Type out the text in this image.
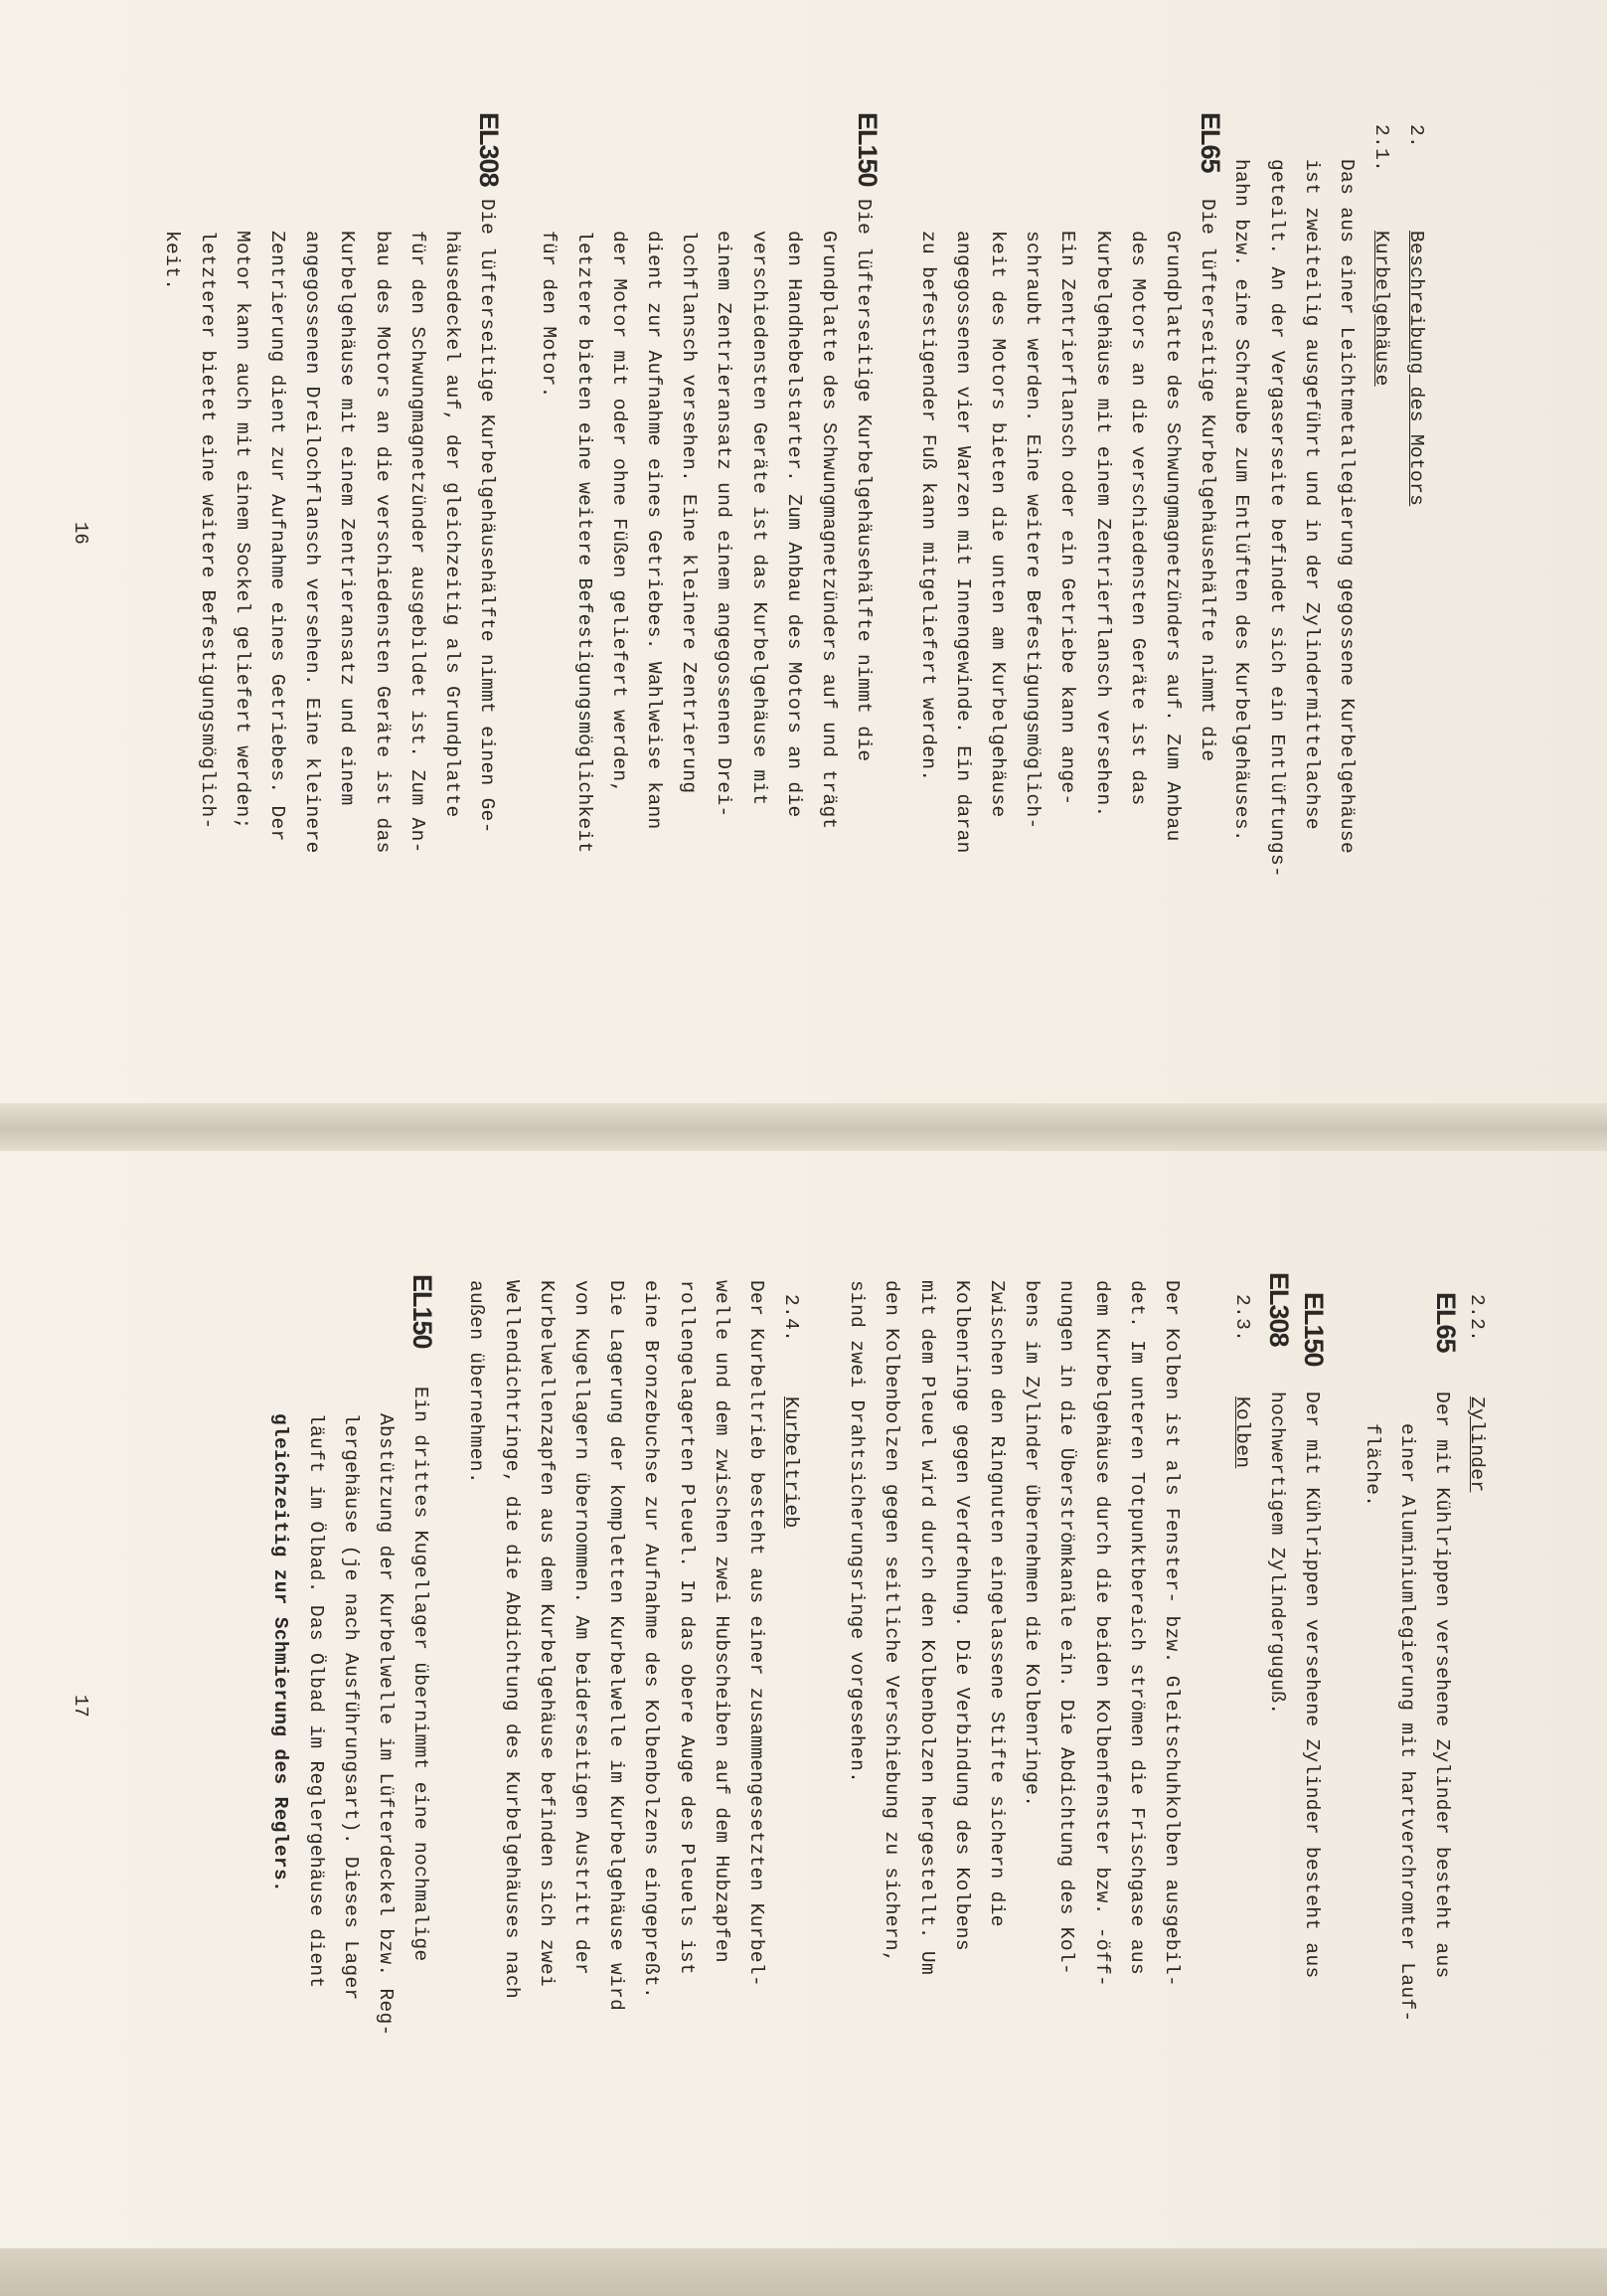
2.
Beschreibung des Motors
2.1.
Kurbelgehäuse
Das aus einer Leichtmetallegierung gegossene Kurbelgehäuse
ist zweiteilig ausgeführt und in der Zylindermittelachse
geteilt. An der Vergaserseite befindet sich ein Entlüftungs-
hahn bzw. eine Schraube zum Entlüften des Kurbelgehäuses.
EL65
Die lüfterseitige Kurbelgehäusehälfte nimmt die
Grundplatte des Schwungmagnetzünders auf. Zum Anbau
des Motors an die verschiedensten Geräte ist das
Kurbelgehäuse mit einem Zentrierflansch versehen.
Ein Zentrierflansch oder ein Getriebe kann ange-
schraubt werden. Eine weitere Befestigungsmöglich-
keit des Motors bieten die unten am Kurbelgehäuse
angegossenen vier Warzen mit Innengewinde. Ein daran
zu befestigender Fuß kann mitgeliefert werden.
EL150
Die lüfterseitige Kurbelgehäusehälfte nimmt die
Grundplatte des Schwungmagnetzünders auf und trägt
den Handhebelstarter. Zum Anbau des Motors an die
verschiedensten Geräte ist das Kurbelgehäuse mit
einem Zentrieransatz und einem angegossenen Drei-
lochflansch versehen. Eine kleinere Zentrierung
dient zur Aufnahme eines Getriebes. Wahlweise kann
der Motor mit oder ohne Füßen geliefert werden,
letztere bieten eine weitere Befestigungsmöglichkeit
für den Motor.
EL308
Die lüfterseitige Kurbelgehäusehälfte nimmt einen Ge-
häusedeckel auf, der gleichzeitig als Grundplatte
für den Schwungmagnetzünder ausgebildet ist. Zum An-
bau des Motors an die verschiedensten Geräte ist das
Kurbelgehäuse mit einem Zentrieransatz und einem
angegossenen Dreilochflansch versehen. Eine kleinere
Zentrierung dient zur Aufnahme eines Getriebes. Der
Motor kann auch mit einem Sockel geliefert werden;
letzterer bietet eine weitere Befestigungsmöglich-
keit.
16
2.2.
Zylinder
EL65
Der mit Kühlrippen versehene Zylinder besteht aus
einer Aluminiumlegierung mit hartverchromter Lauf-
fläche.
EL150
EL308
Der mit Kühlrippen versehene Zylinder besteht aus
hochwertigem Zylinderguguß.
2.3.
Kolben
Der Kolben ist als Fenster- bzw. Gleitschuhkolben ausgebil-
det. Im unteren Totpunktbereich strömen die Frischgase aus
dem Kurbelgehäuse durch die beiden Kolbenfenster bzw. -öff-
nungen in die Überströmkanäle ein. Die Abdichtung des Kol-
bens im Zylinder übernehmen die Kolbenringe.
Zwischen den Ringnuten eingelassene Stifte sichern die
Kolbenringe gegen Verdrehung. Die Verbindung des Kolbens
mit dem Pleuel wird durch den Kolbenbolzen hergestellt. Um
den Kolbenbolzen gegen seitliche Verschiebung zu sichern,
sind zwei Drahtsicherungsringe vorgesehen.
2.4.
Kurbeltrieb
Der Kurbeltrieb besteht aus einer zusammengesetzten Kurbel-
welle und dem zwischen zwei Hubscheiben auf dem Hubzapfen
rollengelagerten Pleuel. In das obere Auge des Pleuels ist
eine Bronzebuchse zur Aufnahme des Kolbenbolzens eingepreßt.
Die Lagerung der kompletten Kurbelwelle im Kurbelgehäuse wird
von Kugellagern übernommen. Am beiderseitigen Austritt der
Kurbelwellenzapfen aus dem Kurbelgehäuse befinden sich zwei
Wellendichtringe, die die Abdichtung des Kurbelgehäuses nach
außen übernehmen.
EL150
Ein drittes Kugellager übernimmt eine nochmalige
Abstützung der Kurbelwelle im Lüfterdeckel bzw. Reg-
lergehäuse (je nach Ausführungsart). Dieses Lager
läuft im Ölbad. Das Ölbad im Reglergehäuse dient
gleichzeitig zur Schmierung des Reglers.
17
